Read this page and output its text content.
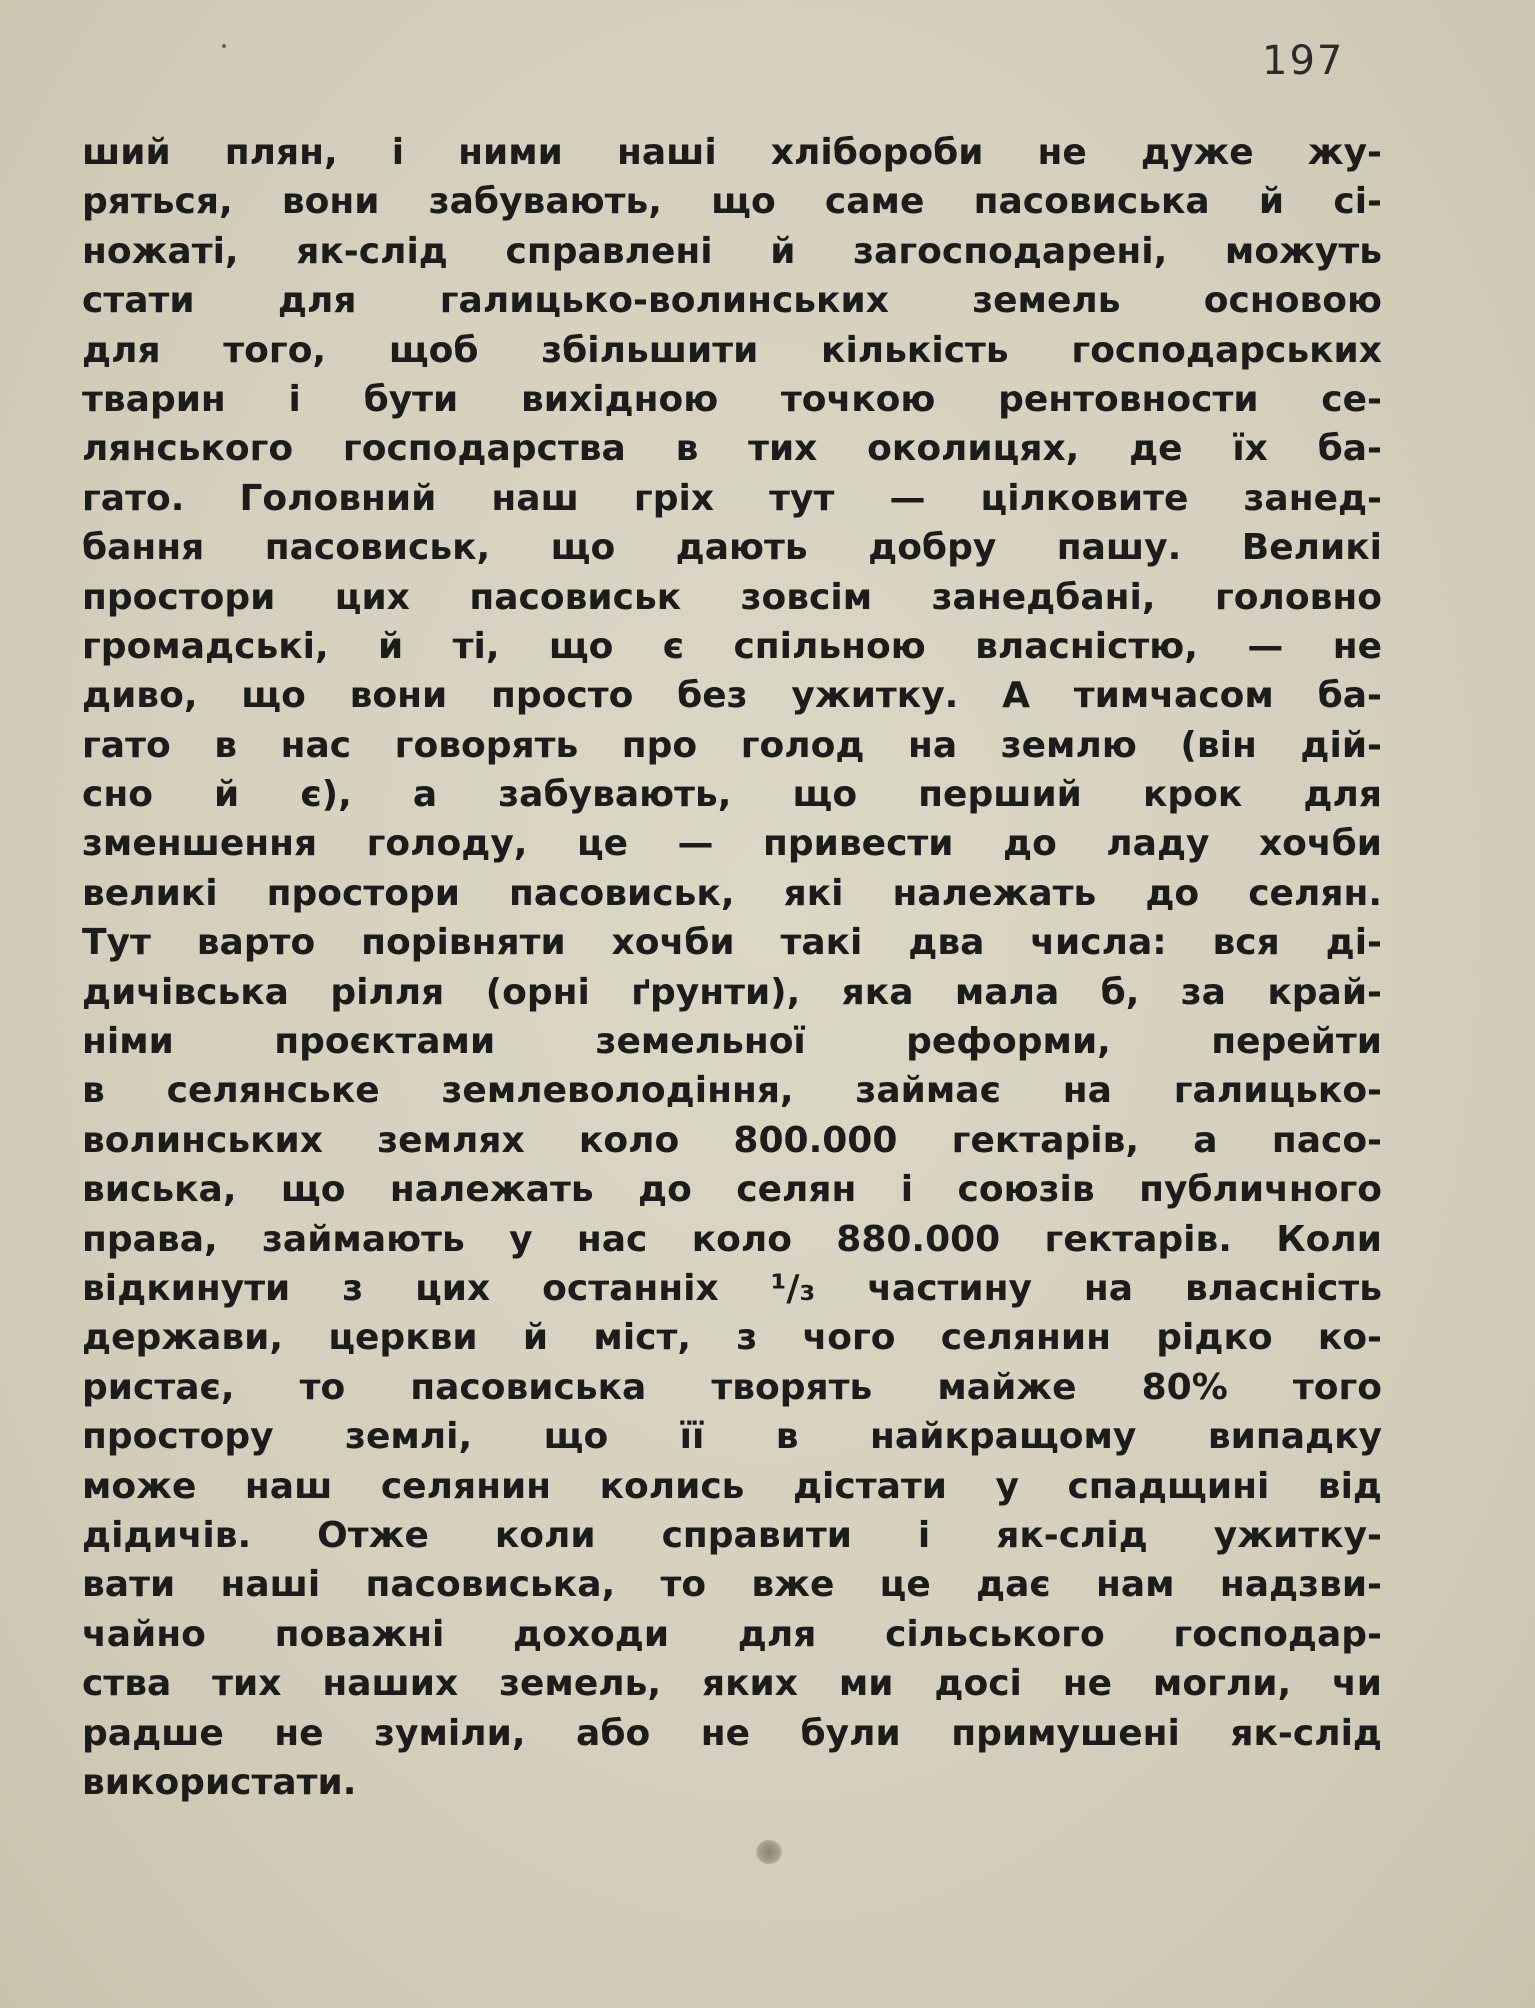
197
ший плян, і ними наші хлібороби не дуже жу-
ряться, вони забувають, що саме пасовиська й сі-
ножаті, як-слід справлені й загосподарені, можуть
стати для галицько-волинських земель основою
для того, щоб збільшити кількість господарських
тварин і бути вихідною точкою рентовности се-
лянського господарства в тих околицях, де їх ба-
гато. Головний наш гріх тут — цілковите занед-
бання пасовиськ, що дають добру пашу. Великі
простори цих пасовиськ зовсім занедбані, головно
громадські, й ті, що є спільною власністю, — не
диво, що вони просто без ужитку. А тимчасом ба-
гато в нас говорять про голод на землю (він дій-
сно й є), а забувають, що перший крок для
зменшення голоду, це — привести до ладу хочби
великі простори пасовиськ, які належать до селян.
Тут варто порівняти хочби такі два числа: вся ді-
дичівська рілля (орні ґрунти), яка мала б, за край-
німи проєктами земельної реформи, перейти
в селянське землеволодіння, займає на галицько-
волинських землях коло 800.000 гектарів, а пасо-
виська, що належать до селян і союзів публичного
права, займають у нас коло 880.000 гектарів. Коли
відкинути з цих останніх ¹/₃ частину на власність
держави, церкви й міст, з чого селянин рідко ко-
ристає, то пасовиська творять майже 80% того
простору землі, що її в найкращому випадку
може наш селянин колись дістати у спадщині від
дідичів. Отже коли справити і як-слід ужитку-
вати наші пасовиська, то вже це дає нам надзви-
чайно поважні доходи для сільського господар-
ства тих наших земель, яких ми досі не могли, чи
радше не зуміли, або не були примушені як-слід
використати.
